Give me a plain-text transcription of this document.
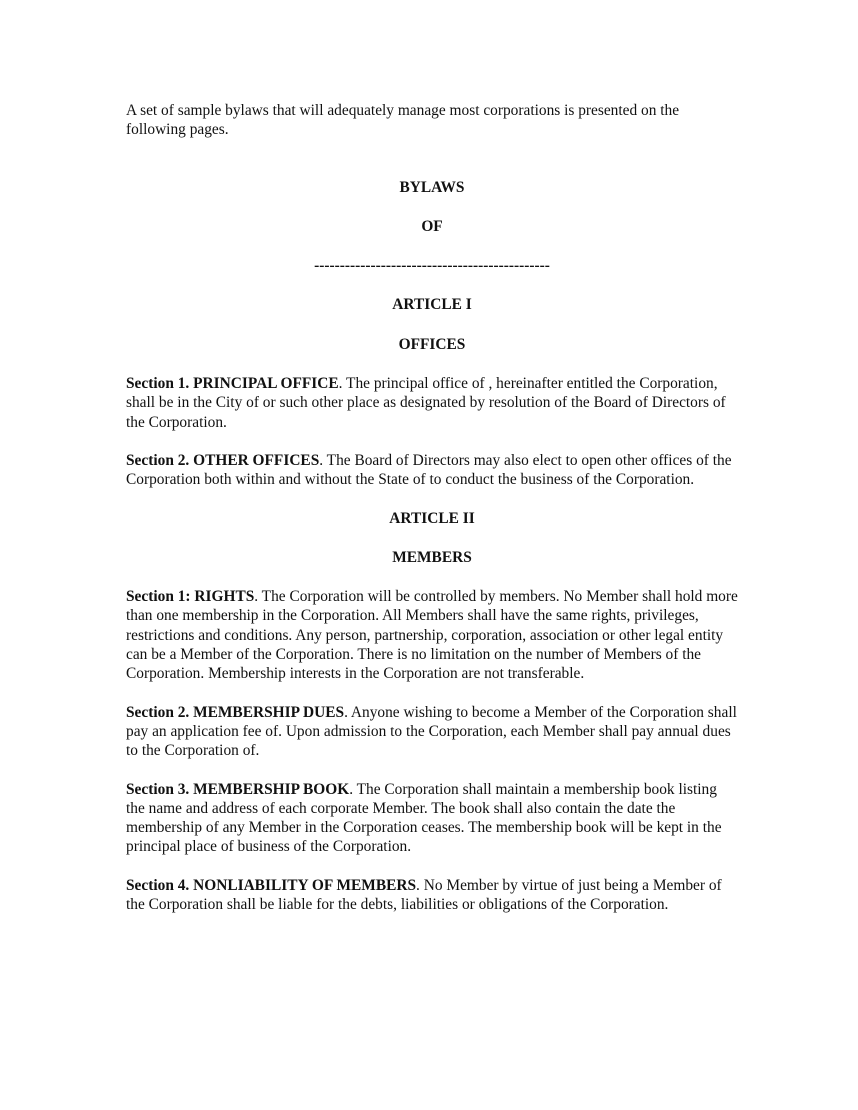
A set of sample bylaws that will adequately manage most corporations is presented on the following pages.

BYLAWS

OF

----------------------------------------------

ARTICLE I

OFFICES

Section 1. PRINCIPAL OFFICE. The principal office of , hereinafter entitled the Corporation, shall be in the City of or such other place as designated by resolution of the Board of Directors of the Corporation.

Section 2. OTHER OFFICES. The Board of Directors may also elect to open other offices of the Corporation both within and without the State of to conduct the business of the Corporation.

ARTICLE II

MEMBERS

Section 1: RIGHTS. The Corporation will be controlled by members. No Member shall hold more than one membership in the Corporation. All Members shall have the same rights, privileges, restrictions and conditions. Any person, partnership, corporation, association or other legal entity can be a Member of the Corporation. There is no limitation on the number of Members of the Corporation. Membership interests in the Corporation are not transferable.

Section 2. MEMBERSHIP DUES. Anyone wishing to become a Member of the Corporation shall pay an application fee of. Upon admission to the Corporation, each Member shall pay annual dues to the Corporation of.

Section 3. MEMBERSHIP BOOK. The Corporation shall maintain a membership book listing the name and address of each corporate Member. The book shall also contain the date the membership of any Member in the Corporation ceases. The membership book will be kept in the principal place of business of the Corporation.

Section 4. NONLIABILITY OF MEMBERS. No Member by virtue of just being a Member of the Corporation shall be liable for the debts, liabilities or obligations of the Corporation.
